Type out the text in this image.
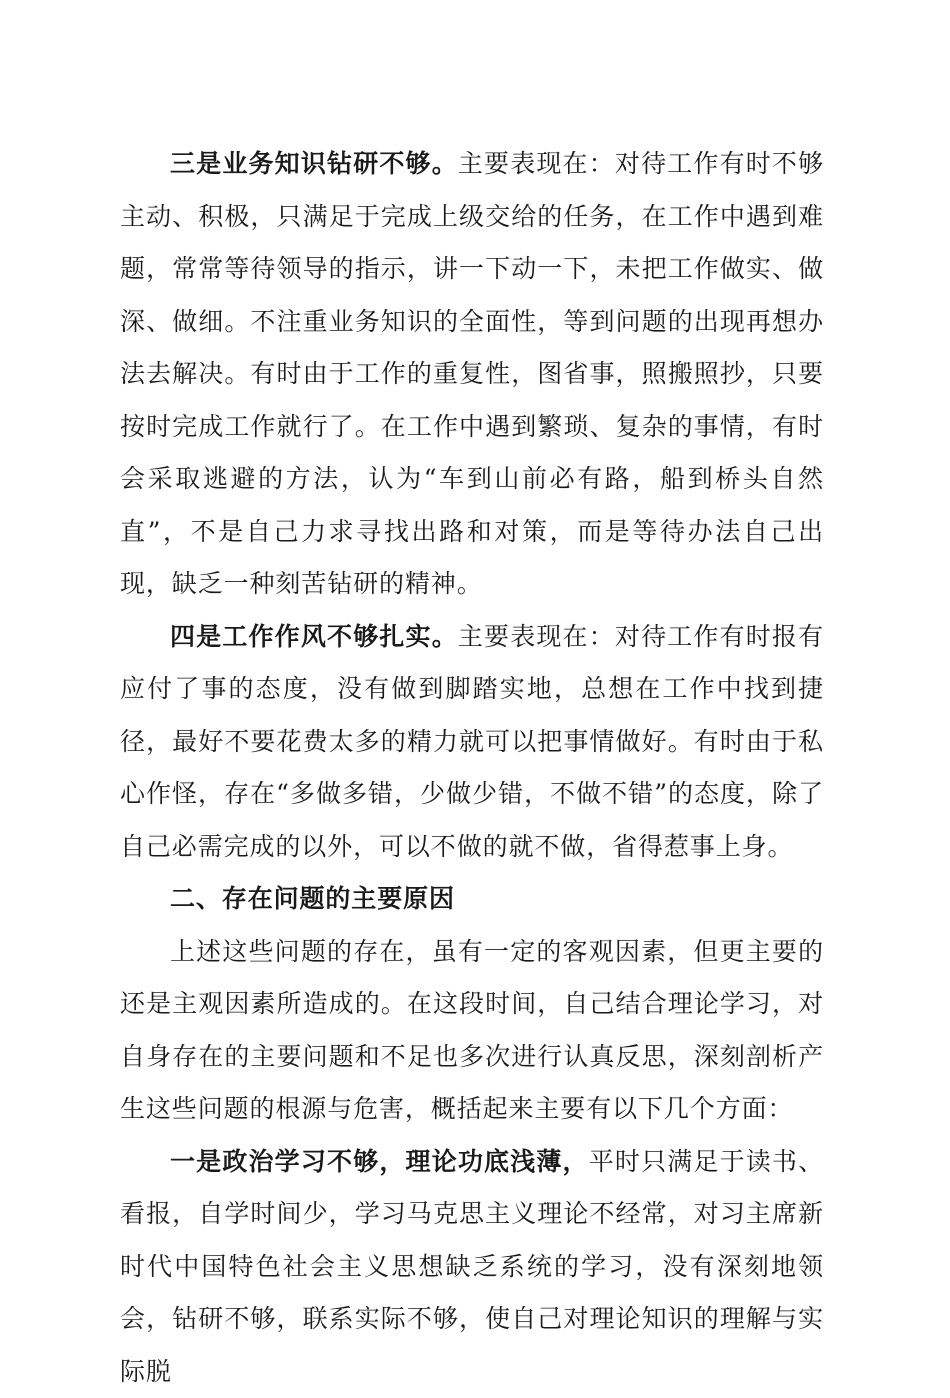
三是业务知识钻研不够。主要表现在：对待工作有时不够主动、积极，只满足于完成上级交给的任务，在工作中遇到难题，常常等待领导的指示，讲一下动一下，未把工作做实、做深、做细。不注重业务知识的全面性，等到问题的出现再想办法去解决。有时由于工作的重复性，图省事，照搬照抄，只要按时完成工作就行了。在工作中遇到繁琐、复杂的事情，有时会采取逃避的方法，认为“车到山前必有路，船到桥头自然直”，不是自己力求寻找出路和对策，而是等待办法自己出现，缺乏一种刻苦钻研的精神。

四是工作作风不够扎实。主要表现在：对待工作有时报有应付了事的态度，没有做到脚踏实地，总想在工作中找到捷径，最好不要花费太多的精力就可以把事情做好。有时由于私心作怪，存在“多做多错，少做少错，不做不错”的态度，除了自己必需完成的以外，可以不做的就不做，省得惹事上身。

二、存在问题的主要原因

上述这些问题的存在，虽有一定的客观因素，但更主要的还是主观因素所造成的。在这段时间，自己结合理论学习，对自身存在的主要问题和不足也多次进行认真反思，深刻剖析产生这些问题的根源与危害，概括起来主要有以下几个方面：

一是政治学习不够，理论功底浅薄，平时只满足于读书、看报，自学时间少，学习马克思主义理论不经常，对习主席新时代中国特色社会主义思想缺乏系统的学习，没有深刻地领会，钻研不够，联系实际不够，使自己对理论知识的理解与实际脱
